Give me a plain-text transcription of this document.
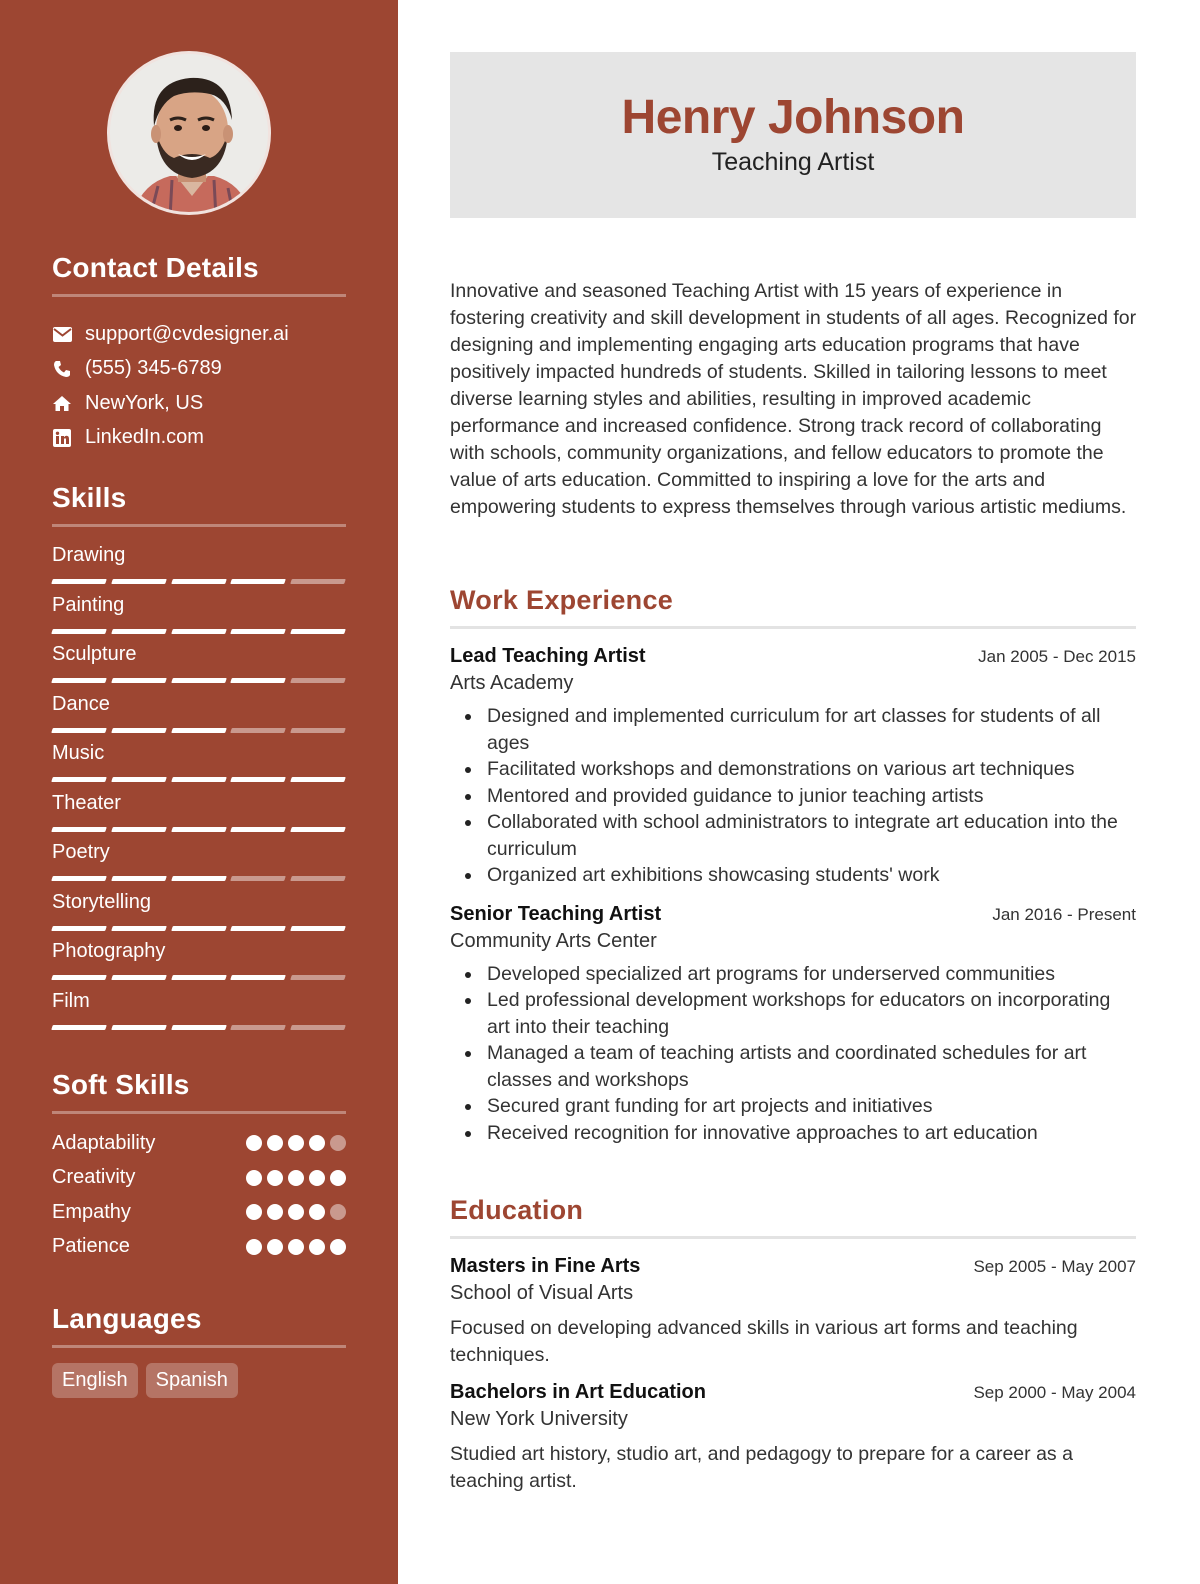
Contact Details
support@cvdesigner.ai
(555) 345-6789
NewYork, US
LinkedIn.com
Skills
Drawing
Painting
Sculpture
Dance
Music
Theater
Poetry
Storytelling
Photography
Film
Soft Skills
Adaptability
Creativity
Empathy
Patience
Languages
English	Spanish
Henry Johnson
Teaching Artist

Innovative and seasoned Teaching Artist with 15 years of experience in fostering creativity and skill development in students of all ages. Recognized for designing and implementing engaging arts education programs that have positively impacted hundreds of students. Skilled in tailoring lessons to meet diverse learning styles and abilities, resulting in improved academic performance and increased confidence. Strong track record of collaborating with schools, community organizations, and fellow educators to promote the value of arts education. Committed to inspiring a love for the arts and empowering students to express themselves through various artistic mediums.

Work Experience
Lead Teaching Artist	Jan 2005 - Dec 2015
Arts Academy
Designed and implemented curriculum for art classes for students of all ages
Facilitated workshops and demonstrations on various art techniques
Mentored and provided guidance to junior teaching artists
Collaborated with school administrators to integrate art education into the curriculum
Organized art exhibitions showcasing students' work
Senior Teaching Artist	Jan 2016 - Present
Community Arts Center
Developed specialized art programs for underserved communities
Led professional development workshops for educators on incorporating art into their teaching
Managed a team of teaching artists and coordinated schedules for art classes and workshops
Secured grant funding for art projects and initiatives
Received recognition for innovative approaches to art education
Education
Masters in Fine Arts	Sep 2005 - May 2007
School of Visual Arts

Focused on developing advanced skills in various art forms and teaching techniques.

Bachelors in Art Education	Sep 2000 - May 2004
New York University

Studied art history, studio art, and pedagogy to prepare for a career as a teaching artist.
